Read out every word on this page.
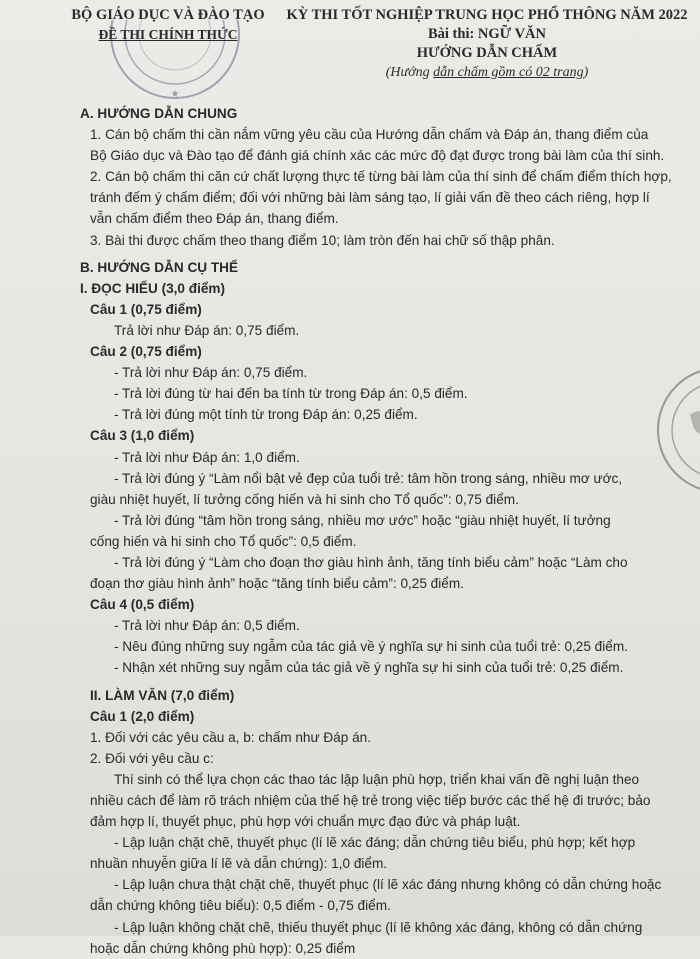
★
BỘ GIÁO DỤC VÀ ĐÀO TẠO
ĐỀ THI CHÍNH THỨC
KỲ THI TỐT NGHIỆP TRUNG HỌC PHỔ THÔNG NĂM 2022
Bài thi: NGỮ VĂN
HƯỚNG DẪN CHẤM
(Hướng dẫn chấm gồm có 02 trang)
A. HƯỚNG DẪN CHUNG
1. Cán bộ chấm thi cần nắm vững yêu cầu của Hướng dẫn chấm và Đáp án, thang điểm của
Bộ Giáo dục và Đào tạo để đánh giá chính xác các mức độ đạt được trong bài làm của thí sinh.
2. Cán bộ chấm thi căn cứ chất lượng thực tế từng bài làm của thí sinh để chấm điểm thích hợp,
tránh đếm ý chấm điểm; đối với những bài làm sáng tạo, lí giải vấn đề theo cách riêng, hợp lí
vẫn chấm điểm theo Đáp án, thang điểm.
3. Bài thi được chấm theo thang điểm 10; làm tròn đến hai chữ số thập phân.
B. HƯỚNG DẪN CỤ THỂ
I. ĐỌC HIỂU (3,0 điểm)
Câu 1 (0,75 điểm)
Trả lời như Đáp án: 0,75 điểm.
Câu 2 (0,75 điểm)
- Trả lời như Đáp án: 0,75 điểm.
- Trả lời đúng từ hai đến ba tính từ trong Đáp án: 0,5 điểm.
- Trả lời đúng một tính từ trong Đáp án: 0,25 điểm.
Câu 3 (1,0 điểm)
- Trả lời như Đáp án: 1,0 điểm.
- Trả lời đúng ý “Làm nổi bật vẻ đẹp của tuổi trẻ: tâm hồn trong sáng, nhiều mơ ước,
giàu nhiệt huyết, lí tưởng cống hiến và hi sinh cho Tổ quốc”: 0,75 điểm.
- Trả lời đúng “tâm hồn trong sáng, nhiều mơ ước” hoặc “giàu nhiệt huyết, lí tưởng
cống hiến và hi sinh cho Tổ quốc”: 0,5 điểm.
- Trả lời đúng ý “Làm cho đoạn thơ giàu hình ảnh, tăng tính biểu cảm” hoặc “Làm cho
đoạn thơ giàu hình ảnh” hoặc “tăng tính biểu cảm”: 0,25 điểm.
Câu 4 (0,5 điểm)
- Trả lời như Đáp án: 0,5 điểm.
- Nêu đúng những suy ngẫm của tác giả về ý nghĩa sự hi sinh của tuổi trẻ: 0,25 điểm.
- Nhận xét những suy ngẫm của tác giả về ý nghĩa sự hi sinh của tuổi trẻ: 0,25 điểm.
II. LÀM VĂN (7,0 điểm)
Câu 1 (2,0 điểm)
1. Đối với các yêu cầu a, b: chấm như Đáp án.
2. Đối với yêu cầu c:
Thí sinh có thể lựa chọn các thao tác lập luận phù hợp, triển khai vấn đề nghị luận theo
nhiều cách để làm rõ trách nhiệm của thế hệ trẻ trong việc tiếp bước các thế hệ đi trước; bảo
đảm hợp lí, thuyết phục, phù hợp với chuẩn mực đạo đức và pháp luật.
- Lập luận chặt chẽ, thuyết phục (lí lẽ xác đáng; dẫn chứng tiêu biểu, phù hợp; kết hợp
nhuần nhuyễn giữa lí lẽ và dẫn chứng): 1,0 điểm.
- Lập luận chưa thật chặt chẽ, thuyết phục (lí lẽ xác đáng nhưng không có dẫn chứng hoặc
dẫn chứng không tiêu biểu): 0,5 điểm - 0,75 điểm.
- Lập luận không chặt chẽ, thiếu thuyết phục (lí lẽ không xác đáng, không có dẫn chứng
hoặc dẫn chứng không phù hợp): 0,25 điểm
